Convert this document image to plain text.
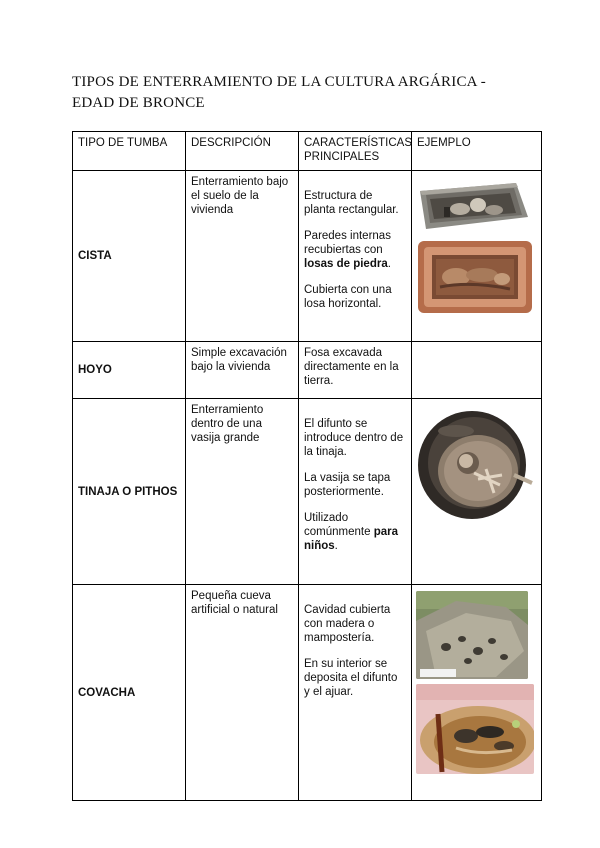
TIPOS DE ENTERRAMIENTO DE LA CULTURA ARGÁRICA -
EDAD DE BRONCE
TIPO DE TUMBA	DESCRIPCIÓN	CARACTERÍSTICAS PRINCIPALES	EJEMPLO
CISTA	Enterramiento bajo el suelo de la vivienda	Estructura de planta rectangular.

Paredes internas recubiertas con losas de piedra.

Cubierta con una losa horizontal.

HOYO	Simple excavación bajo la vivienda	Fosa excavada directamente en la tierra.	

TINAJA O PITHOS	Enterramiento dentro de una vasija grande	El difunto se introduce dentro de la tinaja.

La vasija se tapa posteriormente.

Utilizado comúnmente para niños.

COVACHA	Pequeña cueva artificial o natural	Cavidad cubierta con madera o mampostería.

En su interior se deposita el difunto y el ajuar.
